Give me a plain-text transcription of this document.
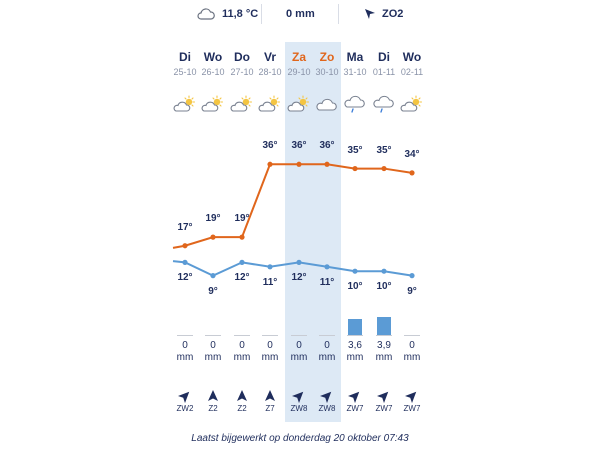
11,8 °C	0 mm	ZO2
Di
25-10
0
mm
ZW2
Wo
26-10
0
mm
Z2
Do
27-10
0
mm
Z2
Vr
28-10
0
mm
Z7
Za
29-10
0
mm
ZW8
Zo
30-10
0
mm
ZW8
Ma
31-10
3,6
mm
ZW7
Di
01-11
3,9
mm
ZW7
Wo
02-11
0
mm
ZW7
17°
12°
19°
9°
19°
12°
36°
11°
36°
12°
36°
11°
35°
10°
35°
10°
34°
9°
Laatst bijgewerkt op donderdag 20 oktober 07:43
